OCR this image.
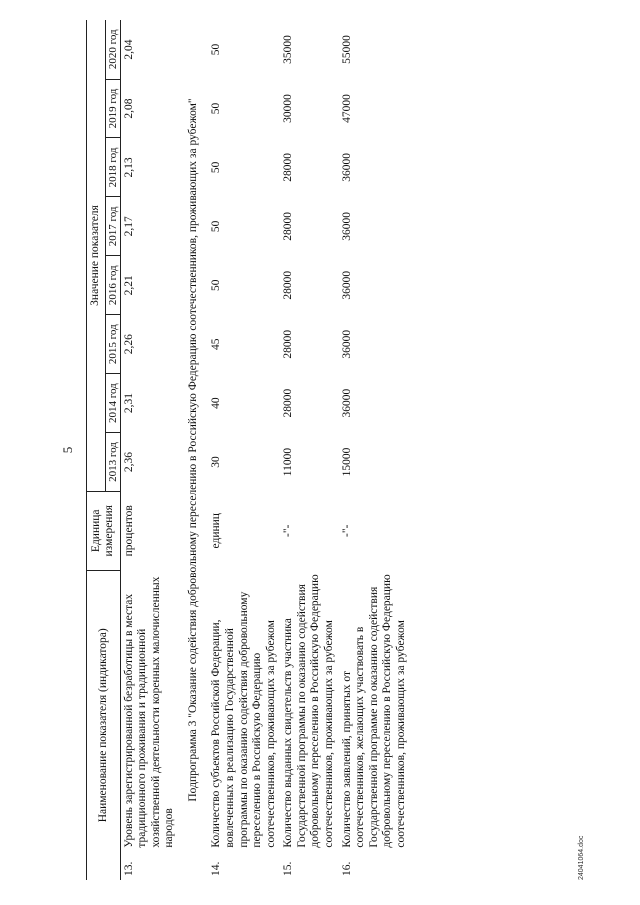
5
Наименование показателя (индикатора)		Единица измерения	Значение показателя							
			2013 год	2014 год	2015 год	2016 год	2017 год	2018 год	2019 год	2020 год
13.	Уровень зарегистрированной безработицы в местах традиционного проживания и традиционной хозяйственной деятельности коренных малочисленных народов	процентов	2,36	2,31	2,26	2,21	2,17	2,13	2,08	2,04
Подпрограмма 3 "Оказание содействия добровольному переселению в Российскую Федерацию соотечественников, проживающих за рубежом"										
14.	Количество субъектов Российской Федерации, вовлеченных в реализацию Государственной программы по оказанию содействия добровольному переселению в Российскую Федерацию соотечественников, проживающих за рубежом	единиц	30	40	45	50	50	50	50	50
15.	Количество выданных свидетельств участника Государственной программы по оказанию содействия добровольному переселению в Российскую Федерацию соотечественников, проживающих за рубежом	-"-	11000	28000	28000	28000	28000	28000	30000	35000
16.	Количество заявлений, принятых от соотечественников, желающих участвовать в Государственной программе по оказанию содействия добровольному переселению в Российскую Федерацию соотечественников, проживающих за рубежом	-"-	15000	36000	36000	36000	36000	36000	47000	55000
24041064.doc
